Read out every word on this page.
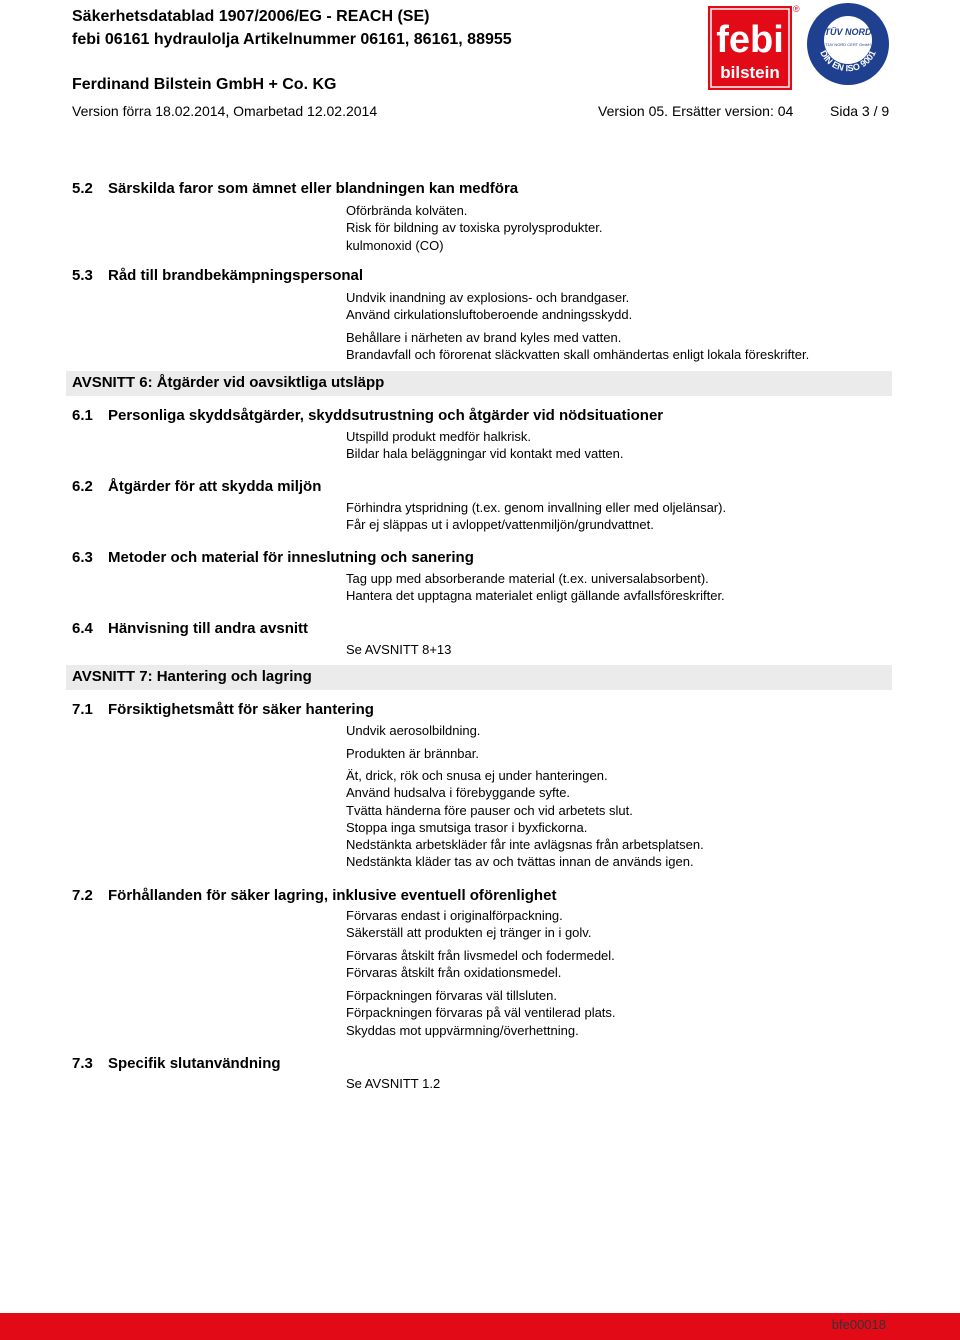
Säkerhetsdatablad 1907/2006/EG - REACH (SE)
febi 06161 hydraulolja Artikelnummer 06161, 86161, 88955
Ferdinand Bilstein GmbH + Co. KG
Version förra 18.02.2014, Omarbetad 12.02.2014	Version 05. Ersätter version: 04	Sida 3 / 9
febi
bilstein
®
TÜV NORD
TÜV NORD CERT GmbH
DIN EN ISO 9001
5.2 Särskilda faror som ämnet eller blandningen kan medföra
Oförbrända kolväten.
Risk för bildning av toxiska pyrolysprodukter.
kulmonoxid (CO)
5.3 Råd till brandbekämpningspersonal
Undvik inandning av explosions- och brandgaser.
Använd cirkulationsluftoberoende andningsskydd.
Behållare i närheten av brand kyles med vatten.
Brandavfall och förorenat släckvatten skall omhändertas enligt lokala föreskrifter.
AVSNITT 6: Åtgärder vid oavsiktliga utsläpp
6.1 Personliga skyddsåtgärder, skyddsutrustning och åtgärder vid nödsituationer
Utspilld produkt medför halkrisk.
Bildar hala beläggningar vid kontakt med vatten.
6.2 Åtgärder för att skydda miljön
Förhindra ytspridning (t.ex. genom invallning eller med oljelänsar).
Får ej släppas ut i avloppet/vattenmiljön/grundvattnet.
6.3 Metoder och material för inneslutning och sanering
Tag upp med absorberande material (t.ex. universalabsorbent).
Hantera det upptagna materialet enligt gällande avfallsföreskrifter.
6.4 Hänvisning till andra avsnitt
Se AVSNITT 8+13
AVSNITT 7: Hantering och lagring
7.1 Försiktighetsmått för säker hantering
Undvik aerosolbildning.
Produkten är brännbar.
Ät, drick, rök och snusa ej under hanteringen.
Använd hudsalva i förebyggande syfte.
Tvätta händerna före pauser och vid arbetets slut.
Stoppa inga smutsiga trasor i byxfickorna.
Nedstänkta arbetskläder får inte avlägsnas från arbetsplatsen.
Nedstänkta kläder tas av och tvättas innan de används igen.
7.2 Förhållanden för säker lagring, inklusive eventuell oförenlighet
Förvaras endast i originalförpackning.
Säkerställ att produkten ej tränger in i golv.
Förvaras åtskilt från livsmedel och fodermedel.
Förvaras åtskilt från oxidationsmedel.
Förpackningen förvaras väl tillsluten.
Förpackningen förvaras på väl ventilerad plats.
Skyddas mot uppvärmning/överhettning.
7.3 Specifik slutanvändning
Se AVSNITT 1.2
bfe00018
